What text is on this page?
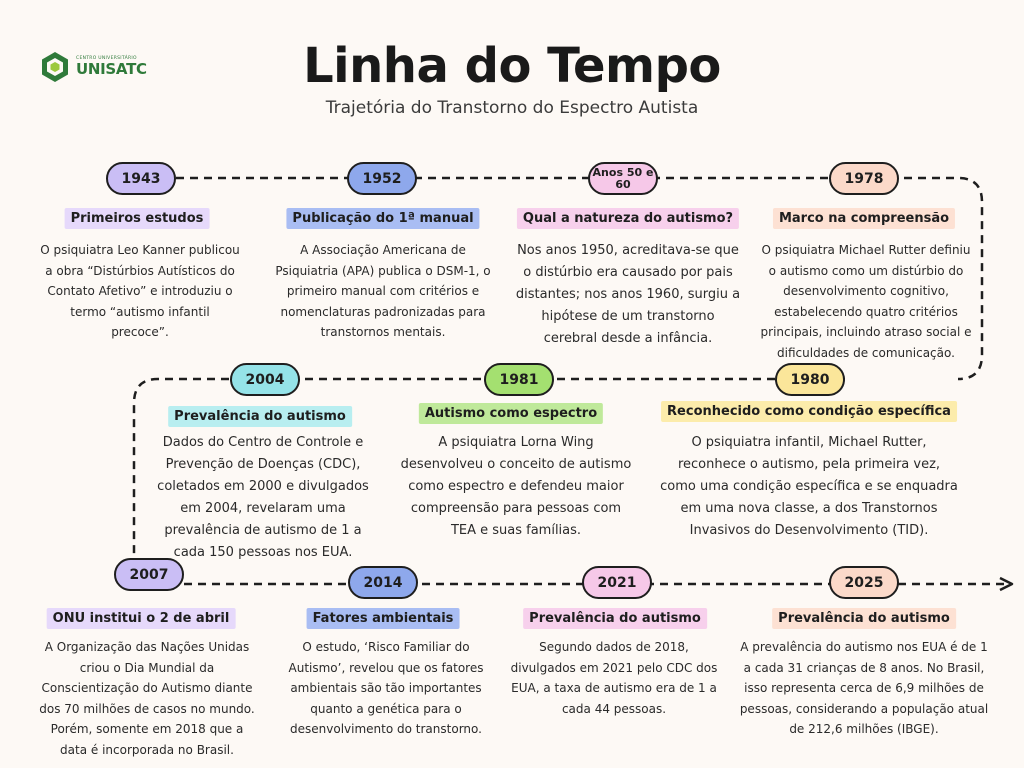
CENTRO UNIVERSITÁRIO
UNISATC	Linha do Tempo
Trajetória do Transtorno do Espectro Autista
1943
Primeiros estudos
O psiquiatra Leo Kanner publicou a obra “Distúrbios Autísticos do Contato Afetivo” e introduziu o termo “autismo infantil precoce”.
1952
Publicação do 1ª manual
A Associação Americana de Psiquiatria (APA) publica o DSM-1, o primeiro manual com critérios e nomenclaturas padronizadas para transtornos mentais.
Anos 50 e 60
Qual a natureza do autismo?
Nos anos 1950, acreditava-se que o distúrbio era causado por pais distantes; nos anos 1960, surgiu a hipótese de um transtorno cerebral desde a infância.
1978
Marco na compreensão
O psiquiatra Michael Rutter definiu o autismo como um distúrbio do desenvolvimento cognitivo, estabelecendo quatro critérios principais, incluindo atraso social e dificuldades de comunicação.
2004
Prevalência do autismo
Dados do Centro de Controle e Prevenção de Doenças (CDC), coletados em 2000 e divulgados em 2004, revelaram uma prevalência de autismo de 1 a cada 150 pessoas nos EUA.
1981
Autismo como espectro
A psiquiatra Lorna Wing desenvolveu o conceito de autismo como espectro e defendeu maior compreensão para pessoas com TEA e suas famílias.
1980
Reconhecido como condição específica
O psiquiatra infantil, Michael Rutter, reconhece o autismo, pela primeira vez, como uma condição específica e se enquadra em uma nova classe, a dos Transtornos Invasivos do Desenvolvimento (TID).
2007
ONU institui o 2 de abril
A Organização das Nações Unidas criou o Dia Mundial da Conscientização do Autismo diante dos 70 milhões de casos no mundo. Porém, somente em 2018 que a data é incorporada no Brasil.
2014
Fatores ambientais
O estudo, ‘Risco Familiar do Autismo’, revelou que os fatores ambientais são tão importantes quanto a genética para o desenvolvimento do transtorno.
2021
Prevalência do autismo
Segundo dados de 2018, divulgados em 2021 pelo CDC dos EUA, a taxa de autismo era de 1 a cada 44 pessoas.
2025
Prevalência do autismo
A prevalência do autismo nos EUA é de 1 a cada 31 crianças de 8 anos. No Brasil, isso representa cerca de 6,9 milhões de pessoas, considerando a população atual de 212,6 milhões (IBGE).
